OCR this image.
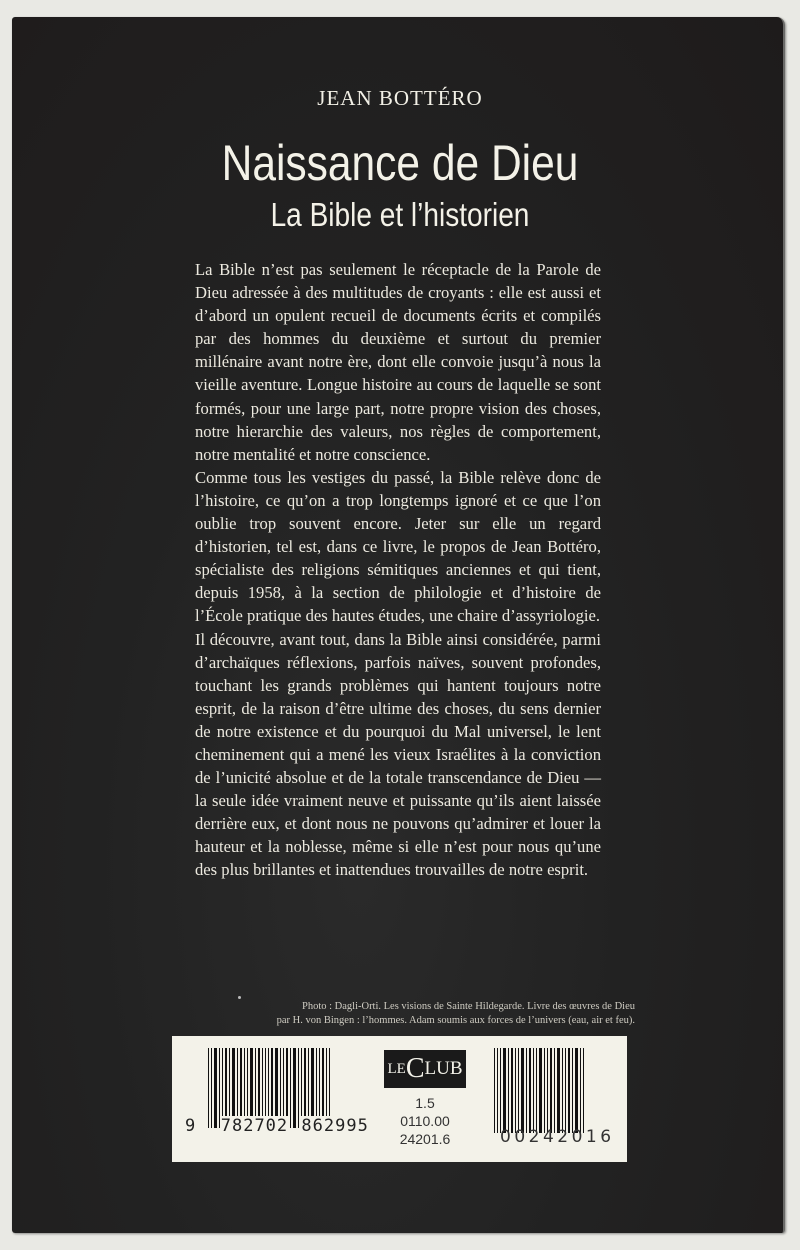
JEAN BOTTÉRO
Naissance de Dieu
La Bible et l’historien

La Bible n’est pas seulement le réceptacle de la Parole de Dieu adressée à des multitudes de croyants : elle est aussi et d’abord un opulent recueil de documents écrits et compilés par des hommes du deuxième et surtout du premier millénaire avant notre ère, dont elle convoie jusqu’à nous la vieille aventure. Longue histoire au cours de laquelle se sont formés, pour une large part, notre propre vision des choses, notre hierarchie des valeurs, nos règles de comportement, notre mentalité et notre conscience.

Comme tous les vestiges du passé, la Bible relève donc de l’histoire, ce qu’on a trop longtemps ignoré et ce que l’on oublie trop souvent encore. Jeter sur elle un regard d’historien, tel est, dans ce livre, le propos de Jean Bottéro, spécialiste des religions sémitiques anciennes et qui tient, depuis 1958, à la section de philologie et d’histoire de l’École pratique des hautes études, une chaire d’assyriologie.

Il découvre, avant tout, dans la Bible ainsi considérée, parmi d’archaïques réflexions, parfois naïves, souvent profondes, touchant les grands problèmes qui hantent toujours notre esprit, de la raison d’être ultime des choses, du sens dernier de notre existence et du pourquoi du Mal universel, le lent cheminement qui a mené les vieux Israélites à la conviction de l’unicité absolue et de la totale transcendance de Dieu — la seule idée vraiment neuve et puissante qu’ils aient laissée derrière eux, et dont nous ne pouvons qu’admirer et louer la hauteur et la noblesse, même si elle n’est pour nous qu’une des plus brillantes et inattendues trouvailles de notre esprit.

Photo : Dagli-Orti. Les visions de Sainte Hildegarde. Livre des œuvres de Dieu
par H. von Bingen : l’hommes. Adam soumis aux forces de l’univers (eau, air et feu).
9 782702 862995
LE C LUB
1.5
0110.00
24201.6	00242016
